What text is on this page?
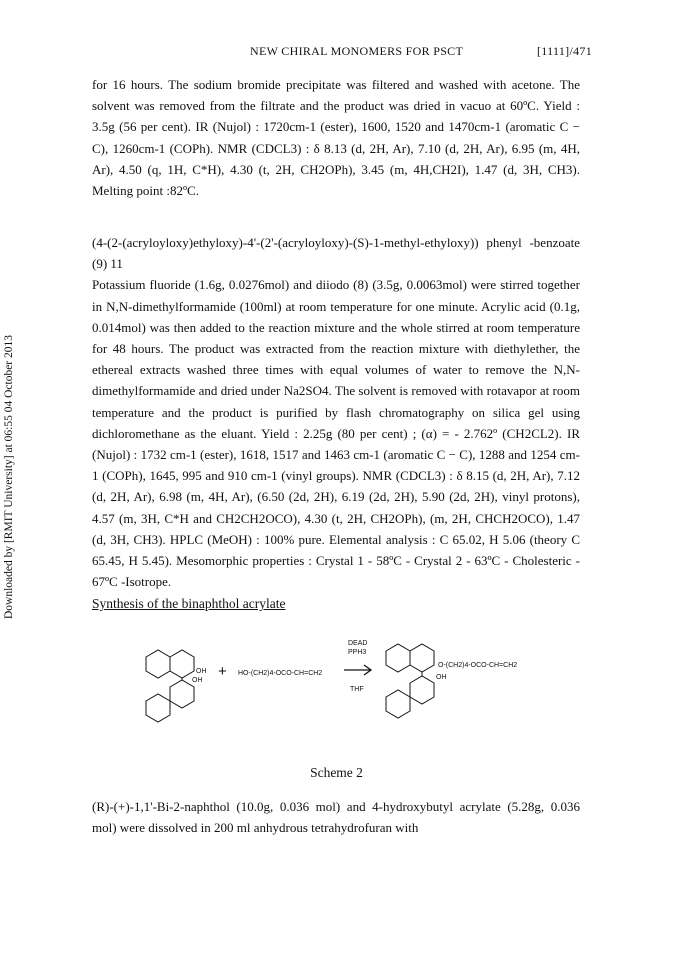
NEW CHIRAL MONOMERS FOR PSCT	[1111]/471
Downloaded by [RMIT University] at 06:55 04 October 2013

for 16 hours. The sodium bromide precipitate was filtered and washed with acetone. The solvent was removed from the filtrate and the product was dried in vacuo at 60ºC. Yield : 3.5g (56 per cent). IR (Nujol) : 1720cm-1 (ester), 1600, 1520 and 1470cm-1 (aromatic C − C), 1260cm-1 (COPh). NMR (CDCL3) : δ 8.13 (d, 2H, Ar), 7.10 (d, 2H, Ar), 6.95 (m, 4H, Ar), 4.50 (q, 1H, C*H), 4.30 (t, 2H, CH2OPh), 3.45 (m, 4H,CH2I), 1.47 (d, 3H, CH3). Melting point :82ºC.

(4-(2-(acryloyloxy)ethyloxy)-4'-(2'-(acryloyloxy)-(S)-1-methyl-ethyloxy)) phenyl -benzoate (9) 11

Potassium fluoride (1.6g, 0.0276mol) and diiodo (8) (3.5g, 0.0063mol) were stirred together in N,N-dimethylformamide (100ml) at room temperature for one minute. Acrylic acid (0.1g, 0.014mol) was then added to the reaction mixture and the whole stirred at room temperature for 48 hours. The product was extracted from the reaction mixture with diethylether, the ethereal extracts washed three times with equal volumes of water to remove the N,N-dimethylformamide and dried under Na2SO4. The solvent is removed with rotavapor at room temperature and the product is purified by flash chromatography on silica gel using dichloromethane as the eluant. Yield : 2.25g (80 per cent) ; (α) = - 2.762º (CH2CL2). IR (Nujol) : 1732 cm-1 (ester), 1618, 1517 and 1463 cm-1 (aromatic C − C), 1288 and 1254 cm-1 (COPh), 1645, 995 and 910 cm-1 (vinyl groups). NMR (CDCL3) : δ 8.15 (d, 2H, Ar), 7.12 (d, 2H, Ar), 6.98 (m, 4H, Ar), (6.50 (2d, 2H), 6.19 (2d, 2H), 5.90 (2d, 2H), vinyl protons), 4.57 (m, 3H, C*H and CH2CH2OCO), 4.30 (t, 2H, CH2OPh), (m, 2H, CHCH2OCO), 1.47 (d, 3H, CH3). HPLC (MeOH) : 100% pure. Elemental analysis : C 65.02, H 5.06 (theory C 65.45, H 5.45). Mesomorphic properties : Crystal 1 - 58ºC - Crystal 2 - 63ºC - Cholesteric - 67ºC -Isotrope.

Synthesis of the binaphthol acrylate
OH
OH
+ HO-(CH2)4-OCO-CH=CH2
DEAD
PPH3
THF
O-(CH2)4-OCO-CH=CH2
OH
Scheme 2

(R)-(+)-1,1'-Bi-2-naphthol (10.0g, 0.036 mol) and 4-hydroxybutyl acrylate (5.28g, 0.036 mol) were dissolved in 200 ml anhydrous tetrahydrofuran with
